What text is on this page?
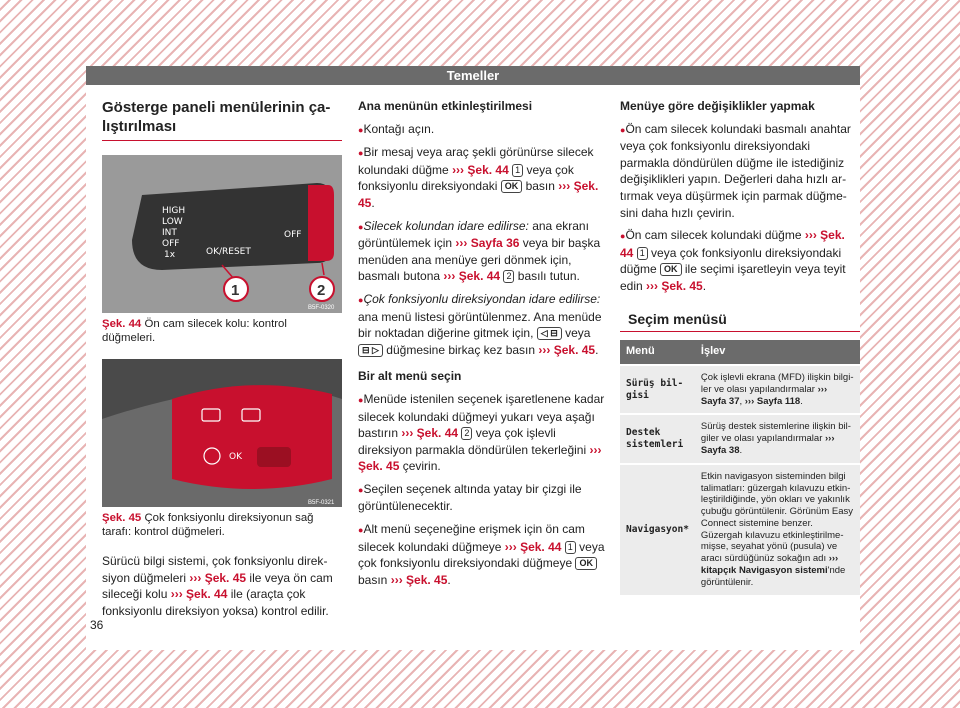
Temeller
Gösterge paneli menülerinin çalıştırılması
HIGH
LOW
INT
OFF
1x	OK/RESET
OFF
1	2
B5F-0320
Şek. 44 Ön cam silecek kolu: kontrol düğmeleri.
OK
B5F-0321
Şek. 45 Çok fonksiyonlu direksiyonun sağ tarafı: kontrol düğmeleri.

Sürücü bilgi sistemi, çok fonksiyonlu direksiyon düğmeleri ››› Şek. 45 ile veya ön cam sileceği kolu ››› Şek. 44 ile (araçta çok fonksiyonlu direksiyon yoksa) kontrol edilir.

36

Ana menünün etkinleştirilmesi

● Kontağı açın.

● Bir mesaj veya araç şekli görünürse silecek kolundaki düğme ››› Şek. 44 1 veya çok fonksiyonlu direksiyondaki OK basın ››› Şek. 45.

● Silecek kolundan idare edilirse: ana ekranı görüntülemek için ››› Sayfa 36 veya bir başka menüden ana menüye geri dönmek için, basmalı butona ››› Şek. 44 2 basılı tutun.

● Çok fonksiyonlu direksiyondan idare edilirse: ana menü listesi görüntülenmez. Ana menüde bir noktadan diğerine gitmek için, ◁ ⊟ veya ⊟ ▷ düğmesine birkaç kez basın ››› Şek. 45.

Bir alt menü seçin

● Menüde istenilen seçenek işaretlenene kadar silecek kolundaki düğmeyi yukarı veya aşağı bastırın ››› Şek. 44 2 veya çok işlevli direksiyon parmakla döndürülen tekerleğini ››› Şek. 45 çevirin.

● Seçilen seçenek altında yatay bir çizgi ile görüntülenecektir.

● Alt menü seçeneğine erişmek için ön cam silecek kolundaki düğmeye ››› Şek. 44 1 veya çok fonksiyonlu direksiyondaki düğmeye OK basın ››› Şek. 45.

Menüye göre değişiklikler yapmak

● Ön cam silecek kolundaki basmalı anahtar veya çok fonksiyonlu direksiyondaki parmakla döndürülen düğme ile istediğiniz değişiklikleri yapın. Değerleri daha hızlı artırmak veya düşürmek için parmak düğmesini daha hızlı çevirin.

● Ön cam silecek kolundaki düğme ››› Şek. 44 1 veya çok fonksiyonlu direksiyondaki düğme OK ile seçimi işaretleyin veya teyit edin ››› Şek. 45.

Seçim menüsü
Menü	İşlev
Sürüş bilgisi	Çok işlevli ekrana (MFD) ilişkin bilgiler ve olası yapılandırmalar ››› Sayfa 37, ››› Sayfa 118.
Destek sistemleri	Sürüş destek sistemlerine ilişkin bilgiler ve olası yapılandırmalar ››› Sayfa 38.
Navigasyon*	Etkin navigasyon sisteminden bilgi talimatları: güzergah kılavuzu etkinleştirildiğinde, yön okları ve yakınlık çubuğu görüntülenir. Görünüm Easy Connect sistemine benzer. Güzergah kılavuzu etkinleştirilmemişse, seyahat yönü (pusula) ve aracı sürdüğünüz sokağın adı ››› kitapçık Navigasyon sistemi'nde görüntülenir.
